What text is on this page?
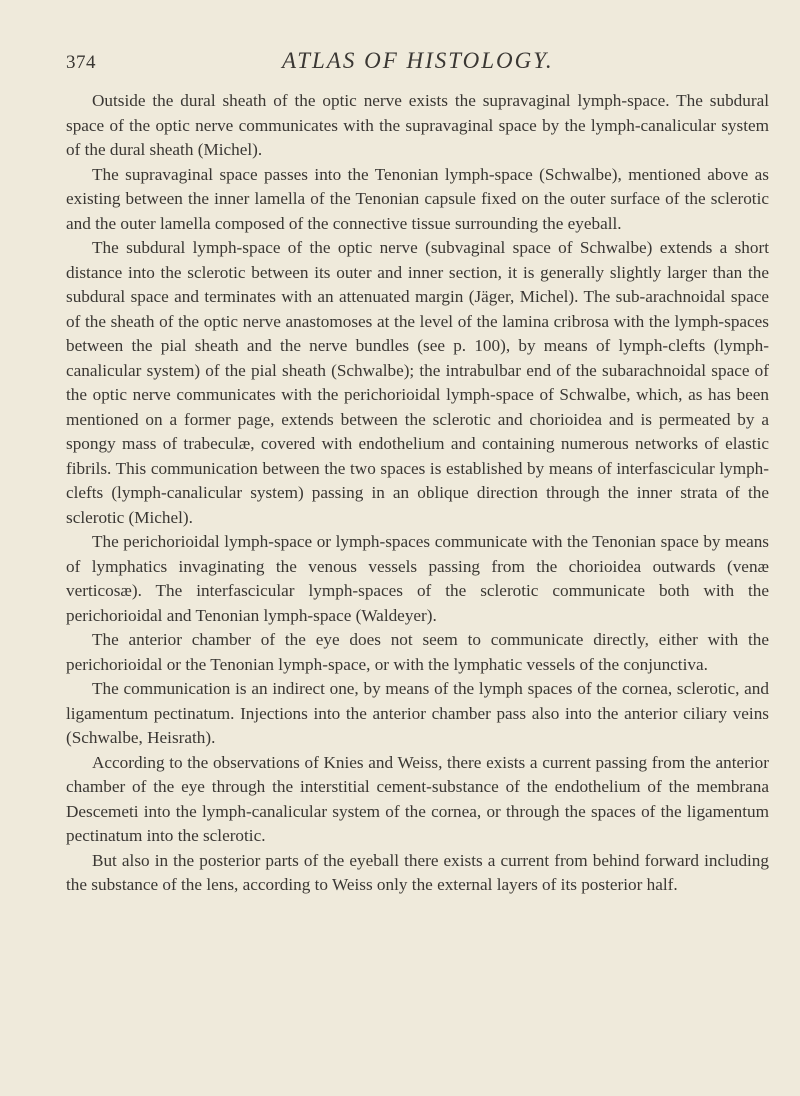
374	ATLAS OF HISTOLOGY.

Outside the dural sheath of the optic nerve exists the supravaginal lymph-space. The subdural space of the optic nerve communicates with the supravaginal space by the lymph-canalicular system of the dural sheath (Michel).

The supravaginal space passes into the Tenonian lymph-space (Schwalbe), mentioned above as existing between the inner lamella of the Tenonian capsule fixed on the outer surface of the sclerotic and the outer lamella composed of the connective tissue surrounding the eyeball.

The subdural lymph-space of the optic nerve (subvaginal space of Schwalbe) extends a short distance into the sclerotic between its outer and inner section, it is generally slightly larger than the subdural space and terminates with an attenuated margin (Jäger, Michel). The sub-arachnoidal space of the sheath of the optic nerve anastomoses at the level of the lamina cribrosa with the lymph-spaces between the pial sheath and the nerve bundles (see p. 100), by means of lymph-clefts (lymph-canalicular system) of the pial sheath (Schwalbe); the intrabulbar end of the subarachnoidal space of the optic nerve communicates with the perichorioidal lymph-space of Schwalbe, which, as has been mentioned on a former page, extends between the sclerotic and chorioidea and is permeated by a spongy mass of trabeculæ, covered with endothelium and containing numerous networks of elastic fibrils. This communication between the two spaces is established by means of interfascicular lymph-clefts (lymph-canalicular system) passing in an oblique direction through the inner strata of the sclerotic (Michel).

The perichorioidal lymph-space or lymph-spaces communicate with the Tenonian space by means of lymphatics invaginating the venous vessels passing from the chorioidea outwards (venæ verticosæ). The interfascicular lymph-spaces of the sclerotic communicate both with the perichorioidal and Tenonian lymph-space (Waldeyer).

The anterior chamber of the eye does not seem to communicate directly, either with the perichorioidal or the Tenonian lymph-space, or with the lymphatic vessels of the conjunctiva.

The communication is an indirect one, by means of the lymph spaces of the cornea, sclerotic, and ligamentum pectinatum. Injections into the anterior chamber pass also into the anterior ciliary veins (Schwalbe, Heisrath).

According to the observations of Knies and Weiss, there exists a current passing from the anterior chamber of the eye through the interstitial cement-substance of the endothelium of the membrana Descemeti into the lymph-canalicular system of the cornea, or through the spaces of the ligamentum pectinatum into the sclerotic.

But also in the posterior parts of the eyeball there exists a current from behind forward including the substance of the lens, according to Weiss only the external layers of its posterior half.
